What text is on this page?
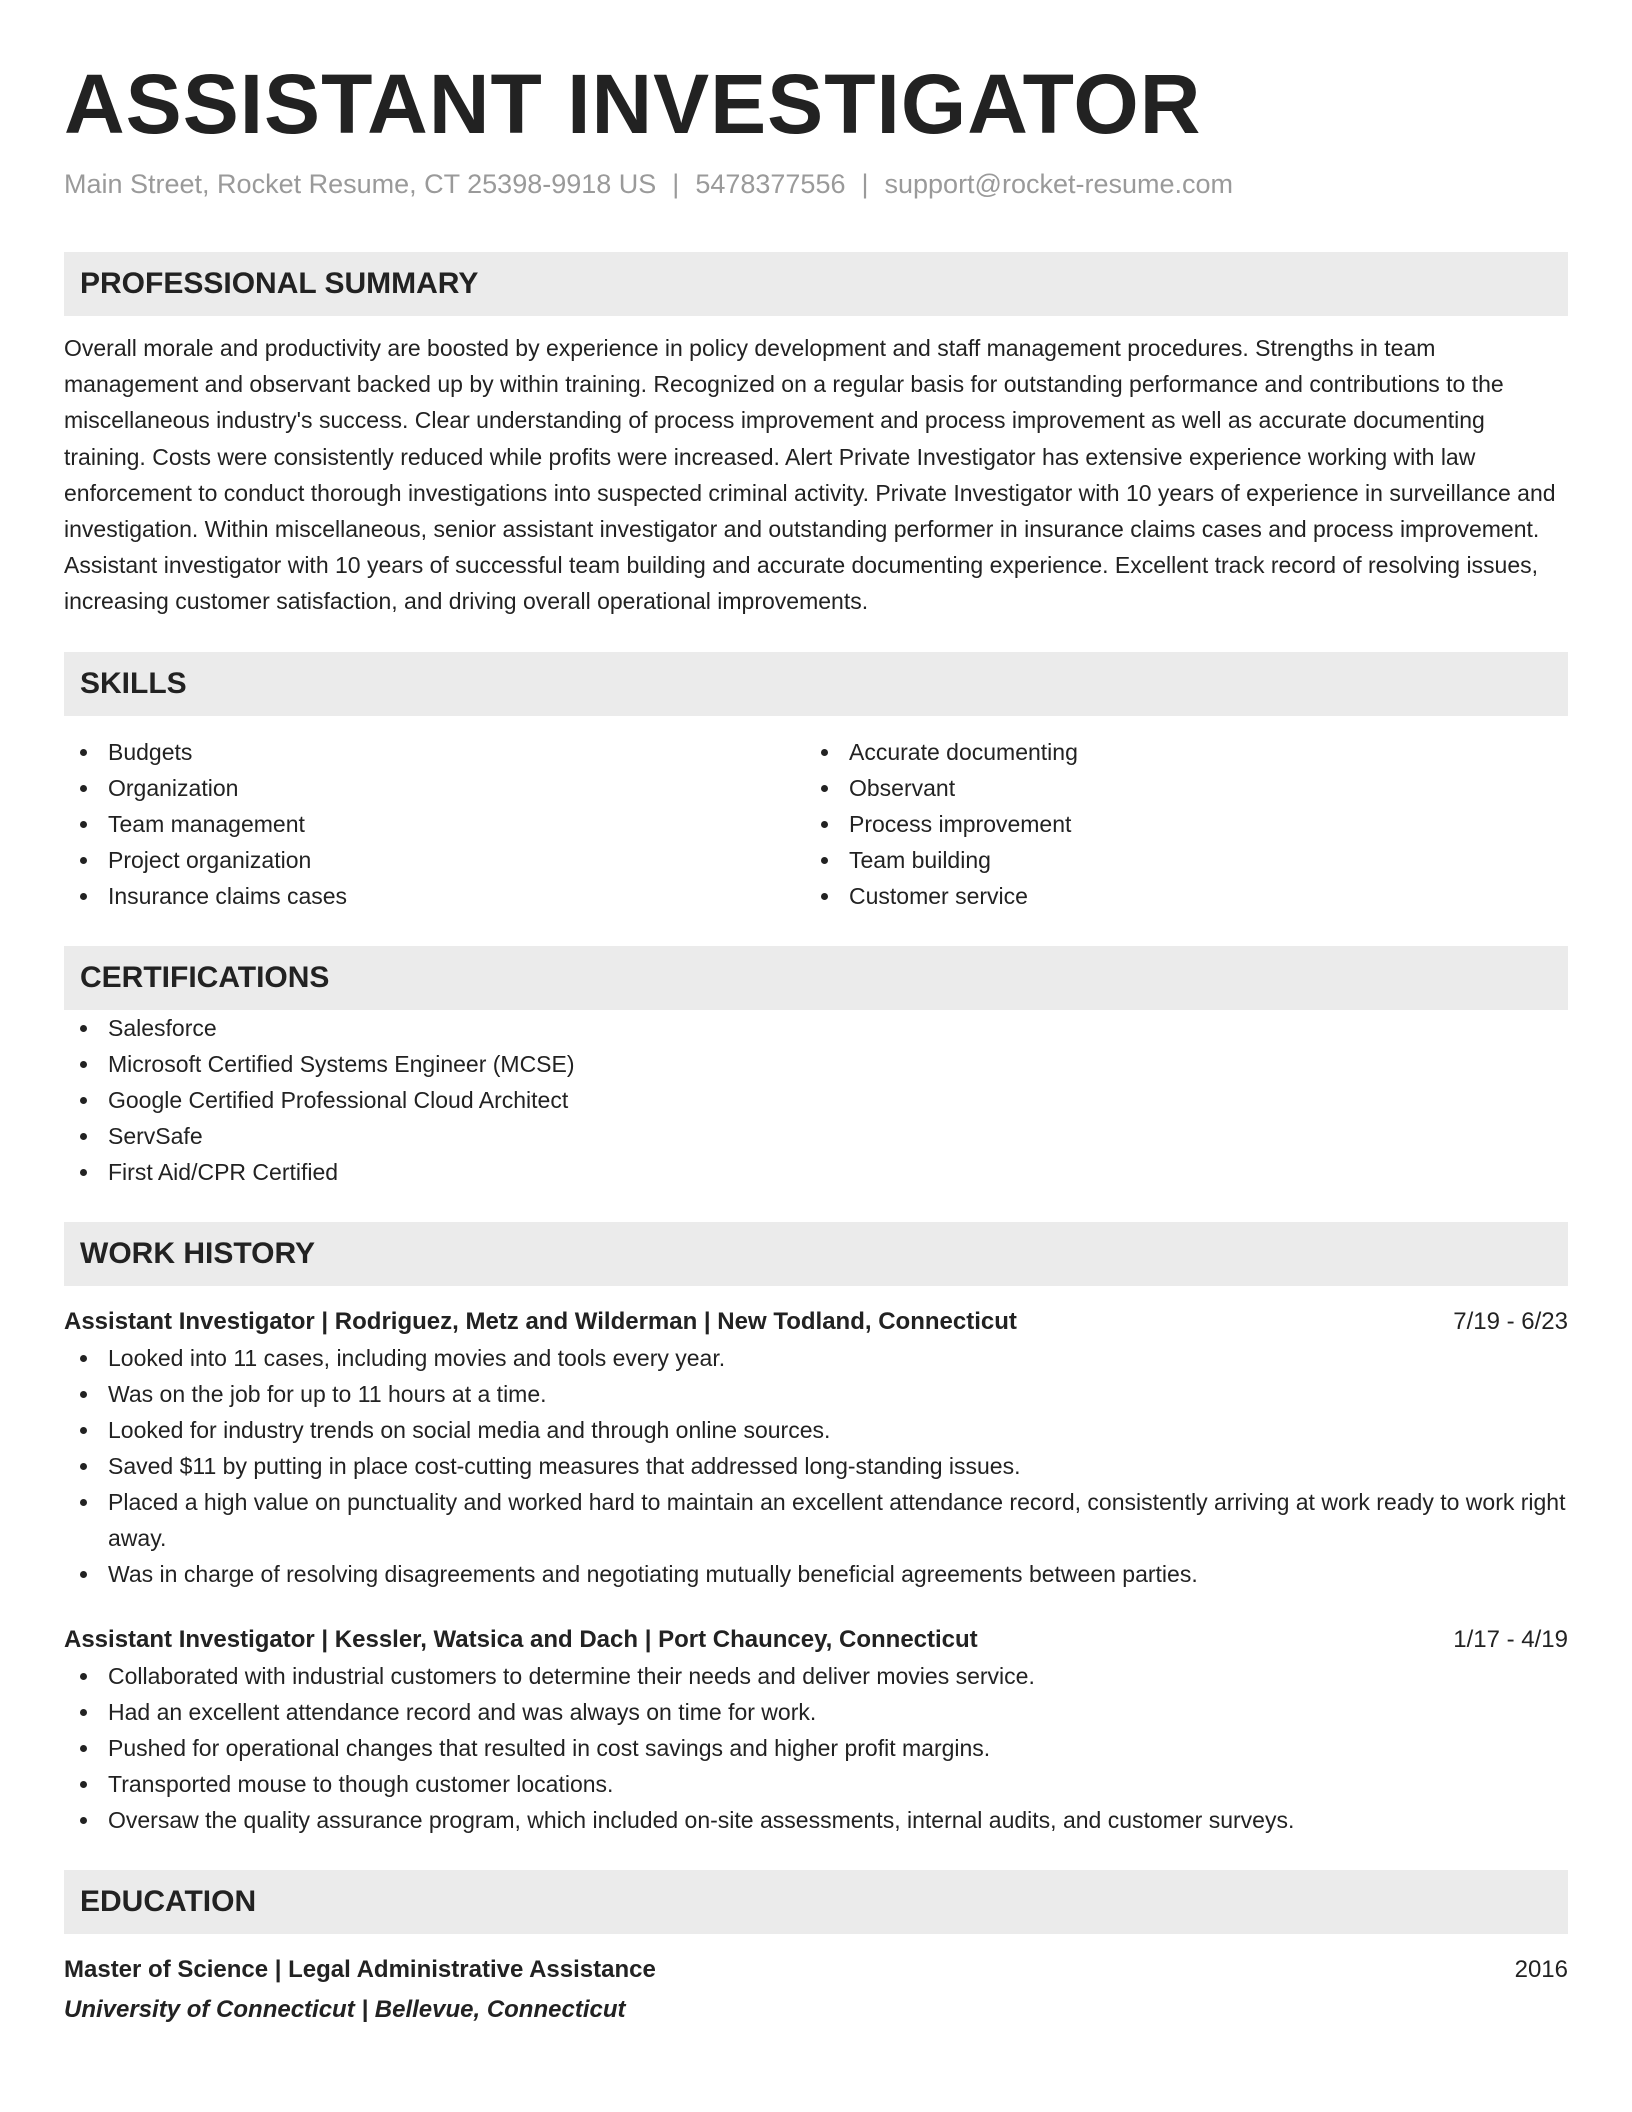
ASSISTANT INVESTIGATOR
Main Street, Rocket Resume, CT 25398-9918 US | 5478377556 | support@rocket-resume.com
PROFESSIONAL SUMMARY

Overall morale and productivity are boosted by experience in policy development and staff management procedures. Strengths in team management and observant backed up by within training. Recognized on a regular basis for outstanding performance and contributions to the miscellaneous industry's success. Clear understanding of process improvement and process improvement as well as accurate documenting training. Costs were consistently reduced while profits were increased. Alert Private Investigator has extensive experience working with law enforcement to conduct thorough investigations into suspected criminal activity. Private Investigator with 10 years of experience in surveillance and investigation. Within miscellaneous, senior assistant investigator and outstanding performer in insurance claims cases and process improvement. Assistant investigator with 10 years of successful team building and accurate documenting experience. Excellent track record of resolving issues, increasing customer satisfaction, and driving overall operational improvements.

SKILLS
Budgets
Organization
Team management
Project organization
Insurance claims cases
Accurate documenting
Observant
Process improvement
Team building
Customer service
CERTIFICATIONS
Salesforce
Microsoft Certified Systems Engineer (MCSE)
Google Certified Professional Cloud Architect
ServSafe
First Aid/CPR Certified
WORK HISTORY
Assistant Investigator | Rodriguez, Metz and Wilderman | New Todland, Connecticut	7/19 - 6/23
Looked into 11 cases, including movies and tools every year.
Was on the job for up to 11 hours at a time.
Looked for industry trends on social media and through online sources.
Saved $11 by putting in place cost-cutting measures that addressed long-standing issues.
Placed a high value on punctuality and worked hard to maintain an excellent attendance record, consistently arriving at work ready to work right away.
Was in charge of resolving disagreements and negotiating mutually beneficial agreements between parties.
Assistant Investigator | Kessler, Watsica and Dach | Port Chauncey, Connecticut	1/17 - 4/19
Collaborated with industrial customers to determine their needs and deliver movies service.
Had an excellent attendance record and was always on time for work.
Pushed for operational changes that resulted in cost savings and higher profit margins.
Transported mouse to though customer locations.
Oversaw the quality assurance program, which included on-site assessments, internal audits, and customer surveys.
EDUCATION
Master of Science | Legal Administrative Assistance	2016
University of Connecticut | Bellevue, Connecticut
